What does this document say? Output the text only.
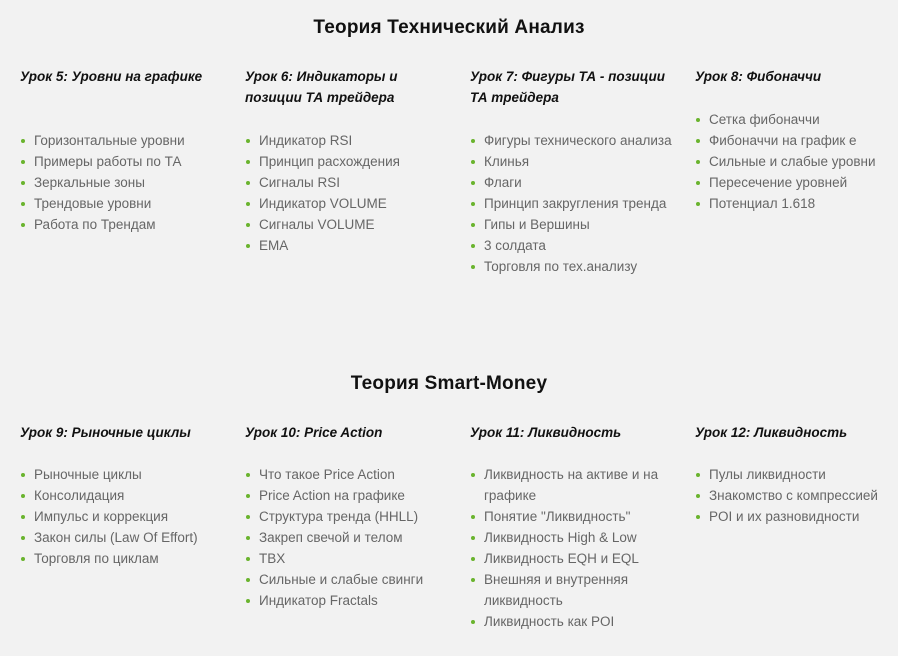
Теория Технический Анализ
Урок 5: Уровни на графике
Горизонтальные уровни
Примеры работы по ТА
Зеркальные зоны
Трендовые уровни
Работа по Трендам
Урок 6: Индикаторы и позиции ТА трейдера
Индикатор RSI
Принцип расхождения
Сигналы RSI
Индикатор VOLUME
Сигналы VOLUME
EMA
Урок 7: Фигуры ТА - позиции ТА трейдера
Фигуры технического анализа
Клинья
Флаги
Принцип закругления тренда
Гипы и Вершины
3 солдата
Торговля по тех.анализу
Урок 8: Фибоначчи
Сетка фибоначчи
Фибоначчи на график е
Сильные и слабые уровни
Пересечение уровней
Потенциал 1.618
Теория Smart-Money
Урок 9: Рыночные циклы
Рыночные циклы
Консолидация
Импульс и коррекция
Закон силы (Law Of Effort)
Торговля по циклам
Урок 10: Price Action
Что такое Price Action
Price Action на графике
Структура тренда (HHLL)
Закреп свечой и телом
TBX
Сильные и слабые свинги
Индикатор Fractals
Урок 11: Ликвидность
Ликвидность на активе и на графике
Понятие "Ликвидность"
Ликвидность High & Low
Ликвидность EQH и EQL
Внешняя и внутренняя ликвидность
Ликвидность как POI
Урок 12: Ликвидность
Пулы ликвидности
Знакомство с компрессией
POI и их разновидности
